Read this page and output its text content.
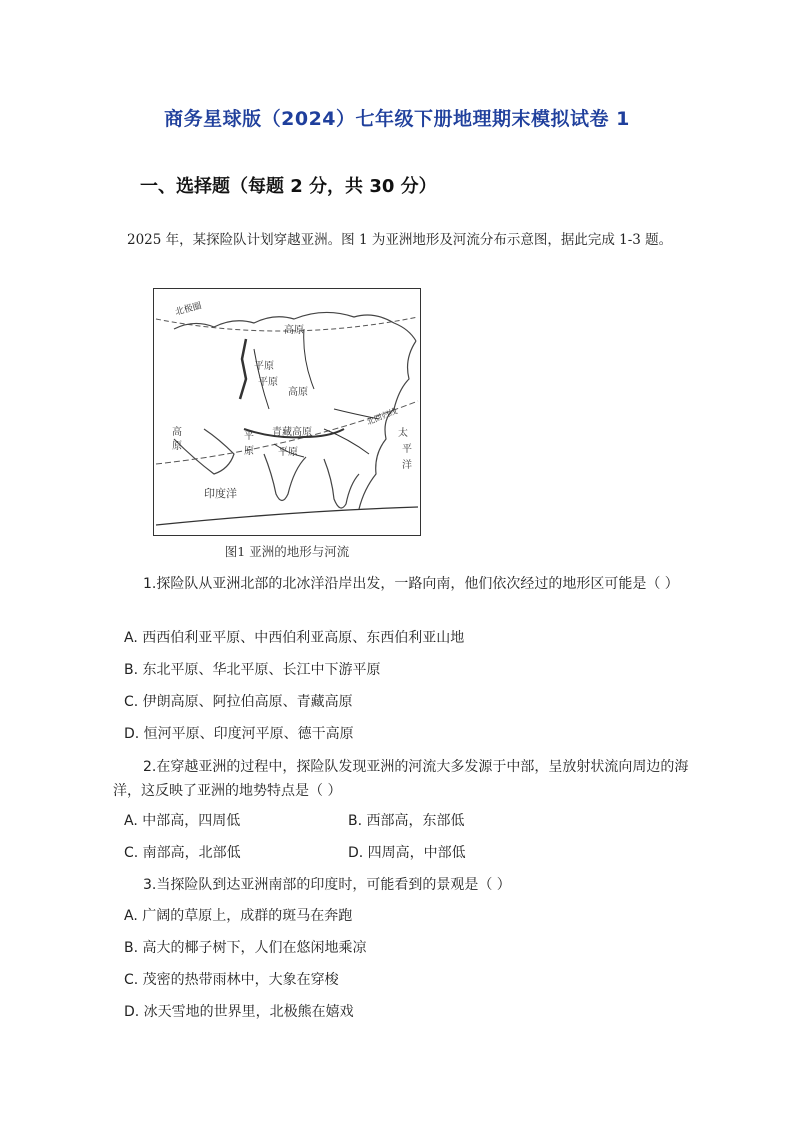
商务星球版（2024）七年级下册地理期末模拟试卷 1
一、选择题（每题 2 分，共 30 分）
2025 年，某探险队计划穿越亚洲。图 1 为亚洲地形及河流分布示意图，据此完成 1-3 题。
北极圈
高原
平原
平原
高原
高
原
青藏高原
平
原 平原
北回归线
太
平
洋
印度洋
图1 亚洲的地形与河流
1.探险队从亚洲北部的北冰洋沿岸出发，一路向南，他们依次经过的地形区可能是（ ）
A. 西西伯利亚平原、中西伯利亚高原、东西伯利亚山地
B. 东北平原、华北平原、长江中下游平原
C. 伊朗高原、阿拉伯高原、青藏高原
D. 恒河平原、印度河平原、德干高原
2.在穿越亚洲的过程中，探险队发现亚洲的河流大多发源于中部，呈放射状流向周边的海洋，这反映了亚洲的地势特点是（ ）
A. 中部高，四周低	B. 西部高，东部低
C. 南部高，北部低	D. 四周高，中部低
3.当探险队到达亚洲南部的印度时，可能看到的景观是（ ）
A. 广阔的草原上，成群的斑马在奔跑
B. 高大的椰子树下，人们在悠闲地乘凉
C. 茂密的热带雨林中，大象在穿梭
D. 冰天雪地的世界里，北极熊在嬉戏
